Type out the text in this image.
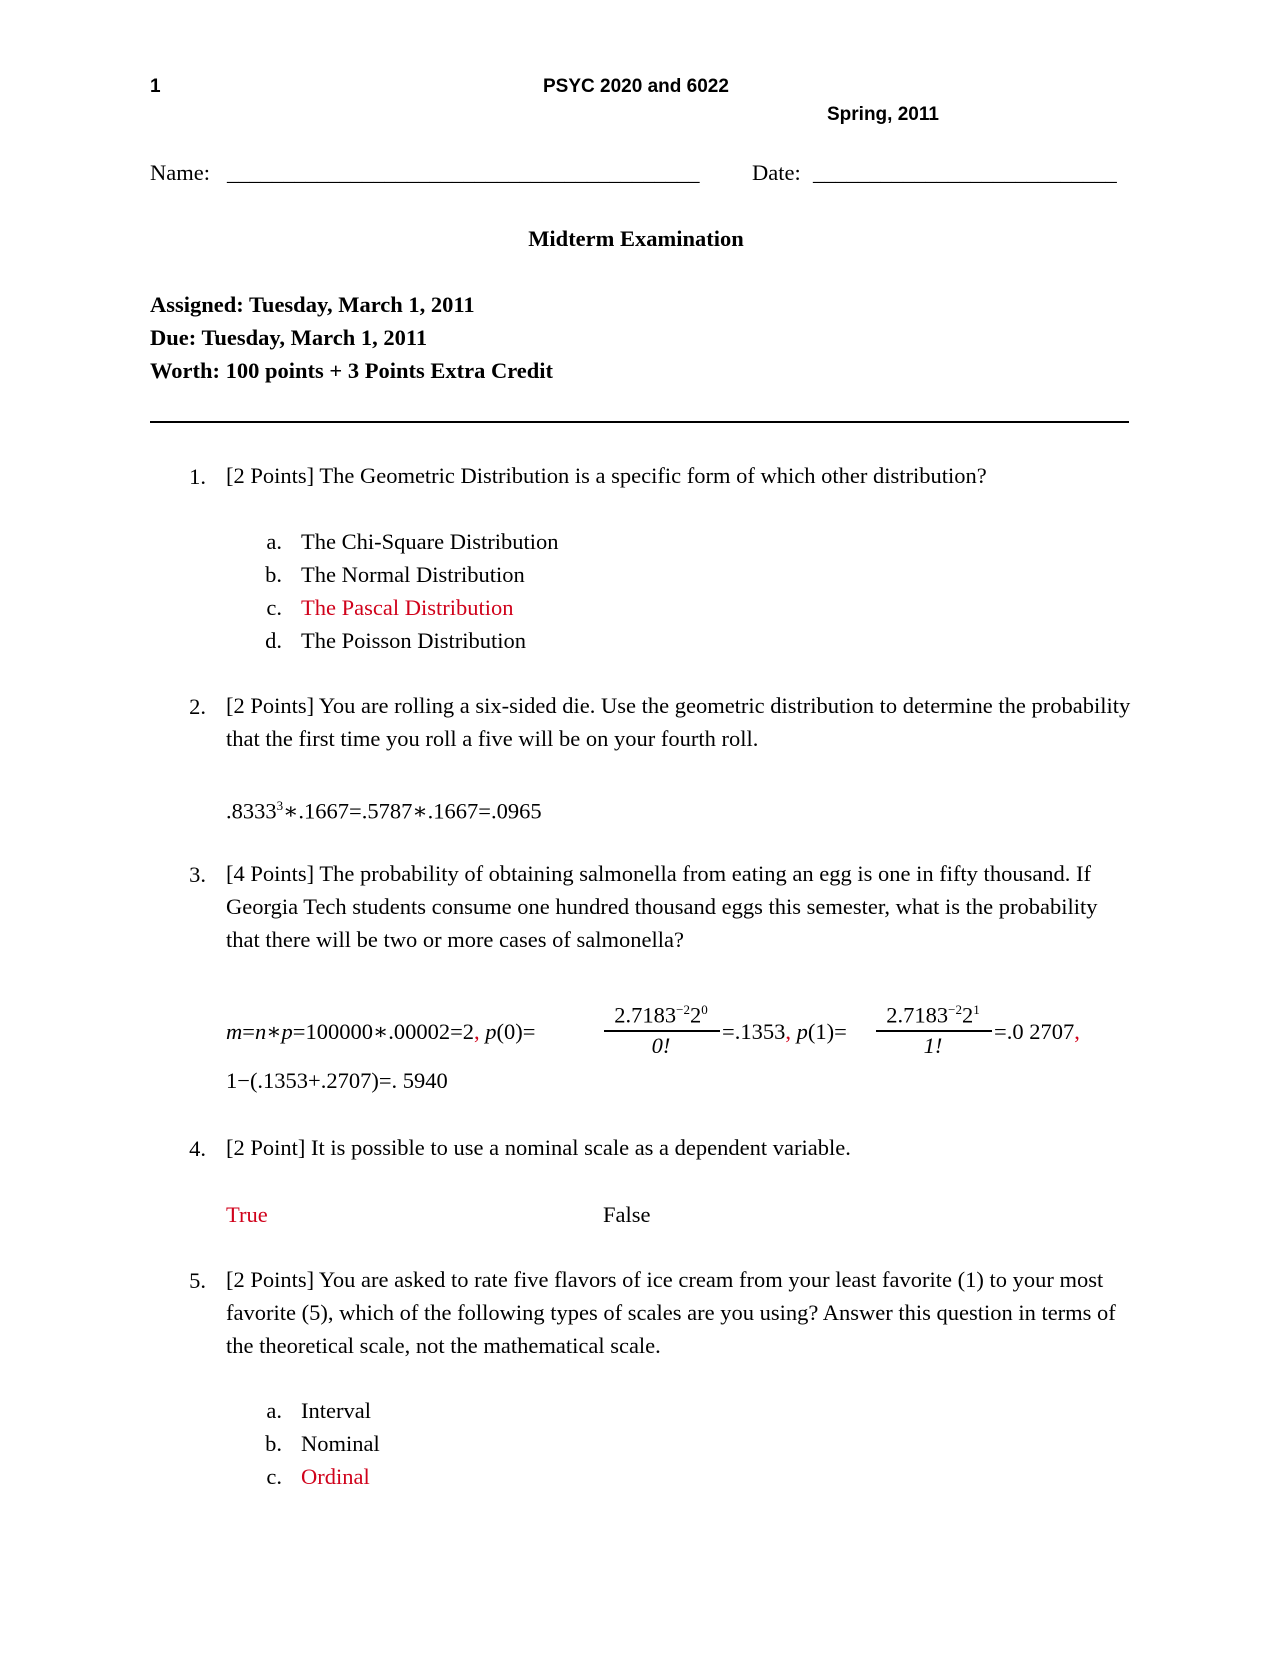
1	PSYC 2020 and 6022
Spring, 2011
Name: __________________________________________ Date: ___________________________
Midterm Examination
Assigned: Tuesday, March 1, 2011
Due: Tuesday, March 1, 2011
Worth: 100 points + 3 Points Extra Credit
1. [2 Points] The Geometric Distribution is a specific form of which other distribution?
a. The Chi-Square Distribution
b. The Normal Distribution
c. The Pascal Distribution
d. The Poisson Distribution
2. [2 Points] You are rolling a six-sided die. Use the geometric distribution to determine the probability that the first time you roll a five will be on your fourth roll.
$.8333^3∗.1667=.5787∗.1667=.0965$
3. [4 Points] The probability of obtaining salmonella from eating an egg is one in fifty thousand. If Georgia Tech students consume one hundred thousand eggs this semester, what is the probability that there will be two or more cases of salmonella?
m=n∗p=100000∗.00002=2, p(0)=
$2.7183^{-2}2^0$
0!
=.1353, p(1)=
$2.7183^{-2}2^1$
1!
=.0 2707,
1−(.1353+.2707)=. 5940
4. [2 Point] It is possible to use a nominal scale as a dependent variable.
True	False
5. [2 Points] You are asked to rate five flavors of ice cream from your least favorite (1) to your most favorite (5), which of the following types of scales are you using? Answer this question in terms of the theoretical scale, not the mathematical scale.
a. Interval
b. Nominal
c. Ordinal
